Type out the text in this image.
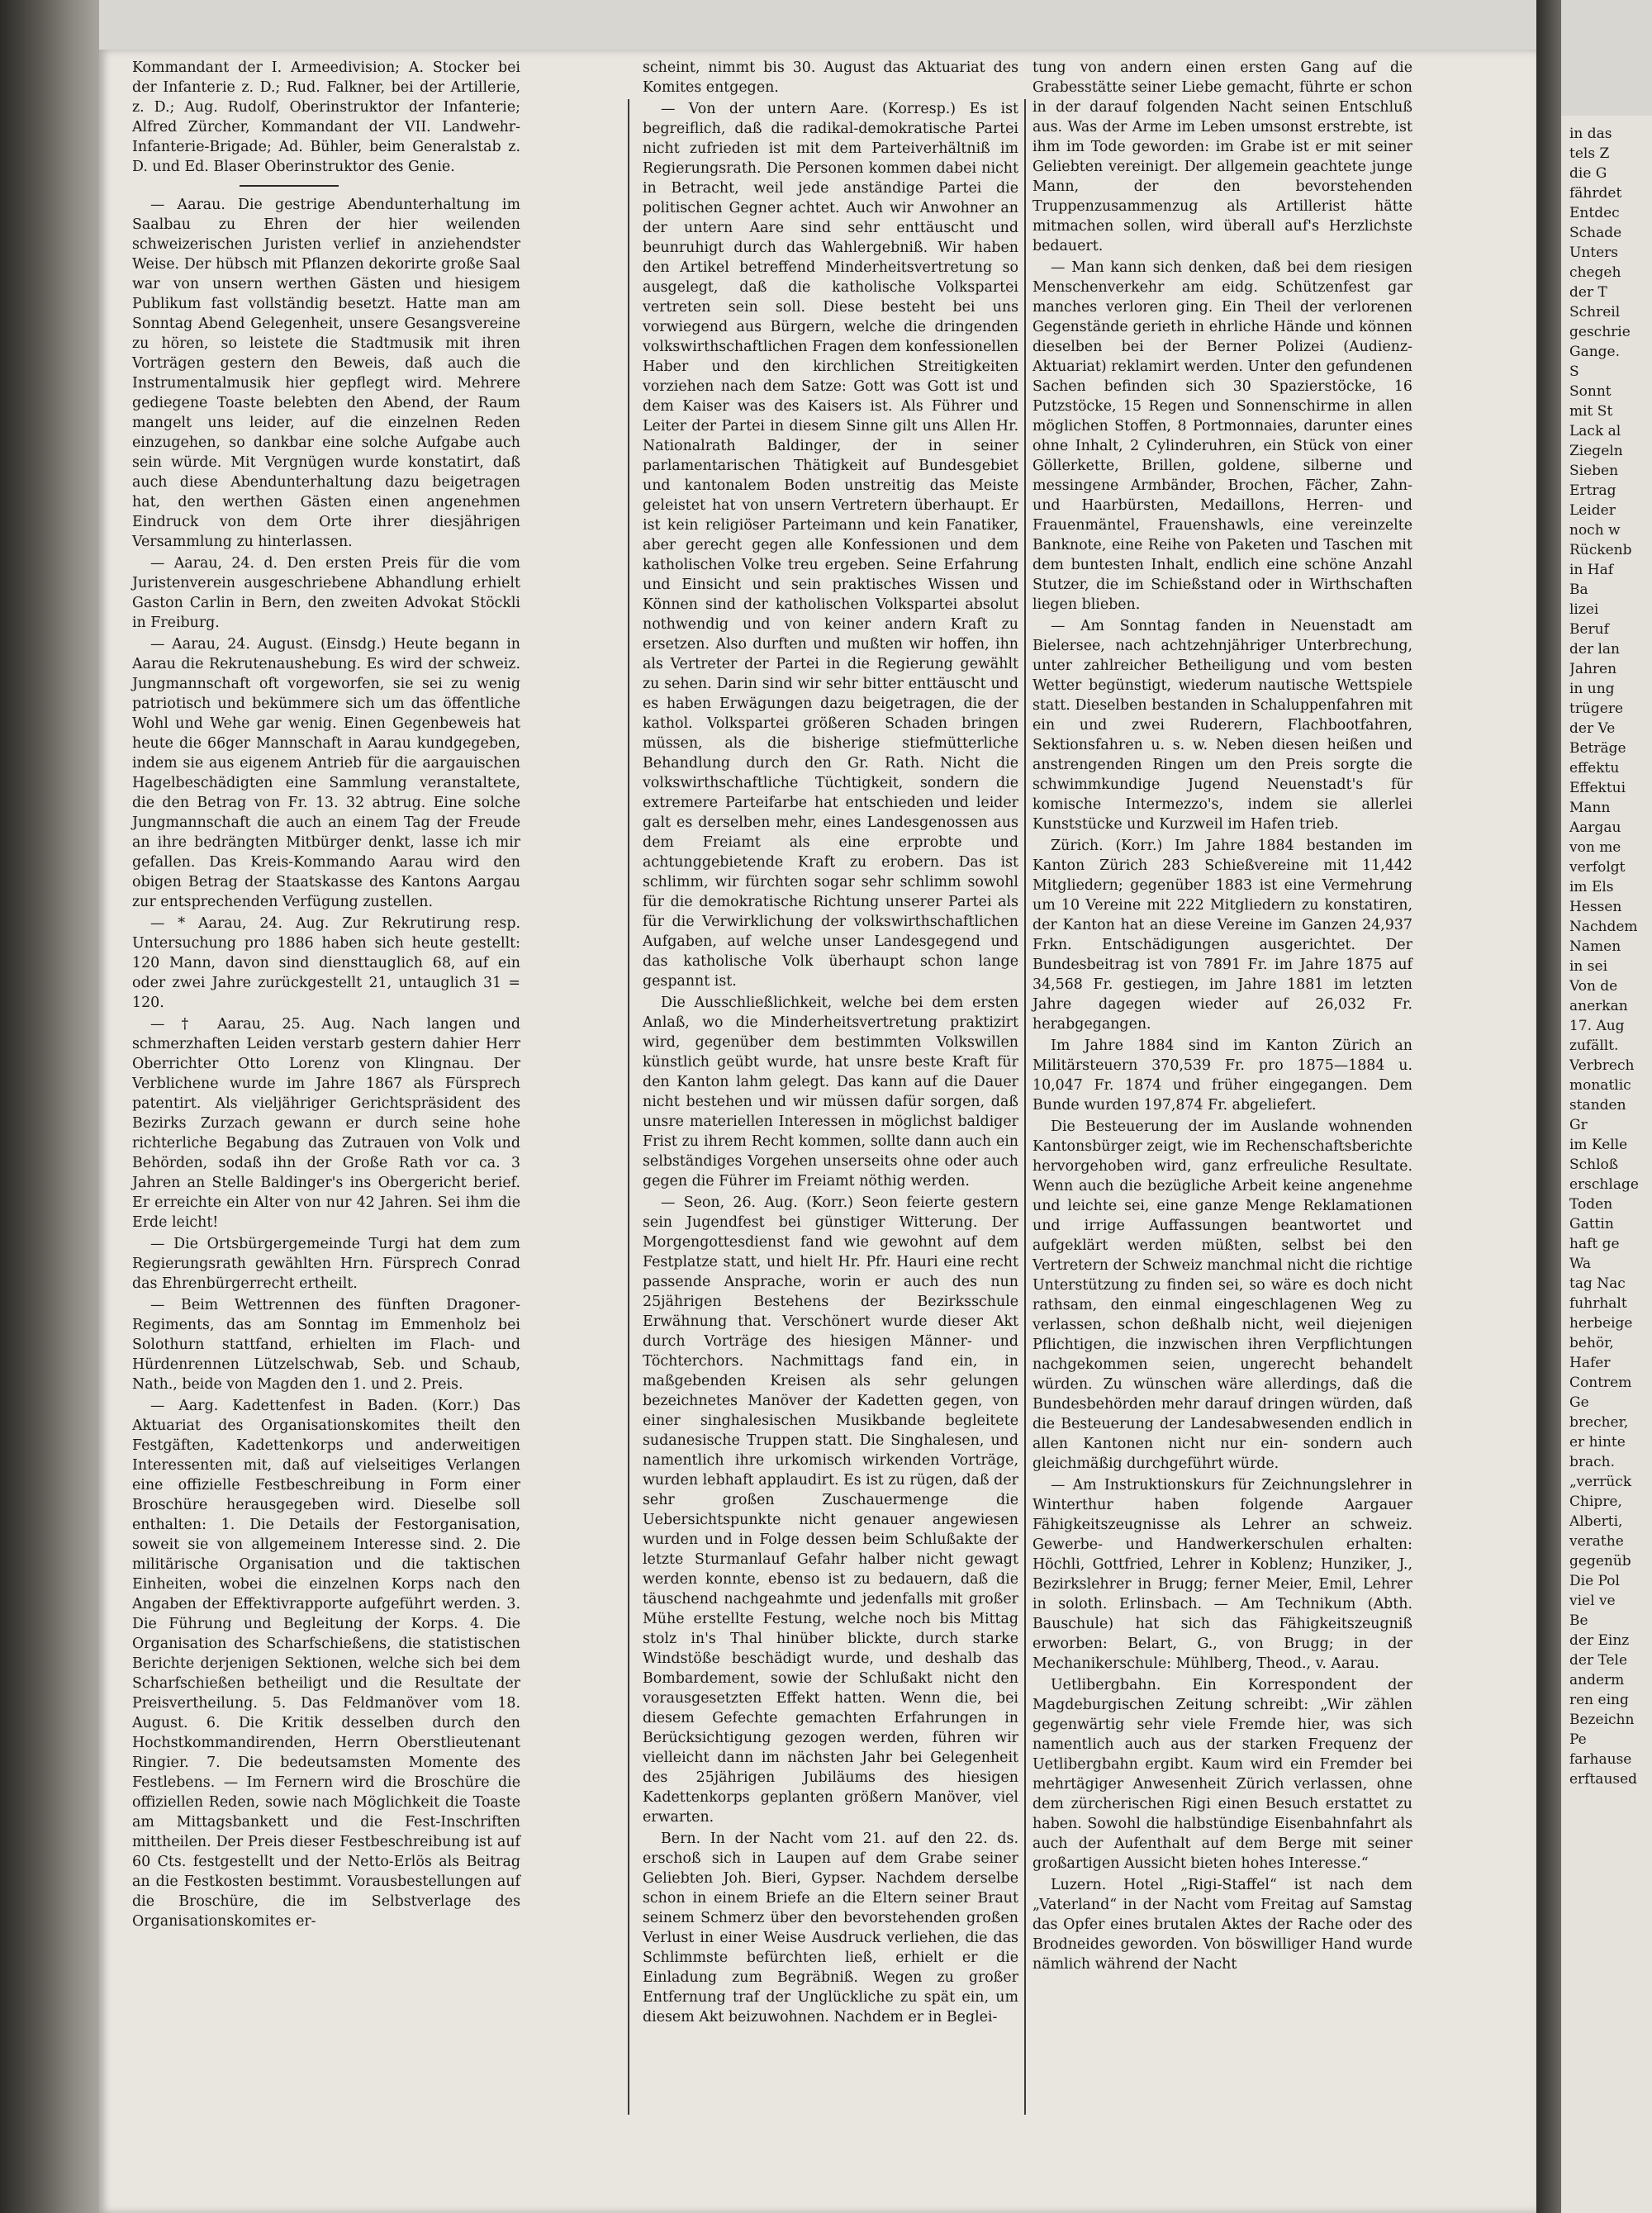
Kommandant der I. Armeedivision; A. Stocker bei der Infanterie z. D.; Rud. Falkner, bei der Artillerie, z. D.; Aug. Rudolf, Oberinstruktor der Infanterie; Alfred Zürcher, Kommandant der VII. Landwehr-Infanterie-Brigade; Ad. Bühler, beim Generalstab z. D. und Ed. Blaser Oberinstruktor des Genie.

— Aarau. Die gestrige Abendunterhaltung im Saalbau zu Ehren der hier weilenden schweizerischen Juristen verlief in anziehendster Weise. Der hübsch mit Pflanzen dekorirte große Saal war von unsern werthen Gästen und hiesigem Publikum fast vollständig besetzt. Hatte man am Sonntag Abend Gelegenheit, unsere Gesangsvereine zu hören, so leistete die Stadtmusik mit ihren Vorträgen gestern den Beweis, daß auch die Instrumentalmusik hier gepflegt wird. Mehrere gediegene Toaste belebten den Abend, der Raum mangelt uns leider, auf die einzelnen Reden einzugehen, so dankbar eine solche Aufgabe auch sein würde. Mit Vergnügen wurde konstatirt, daß auch diese Abendunterhaltung dazu beigetragen hat, den werthen Gästen einen angenehmen Eindruck von dem Orte ihrer diesjährigen Versammlung zu hinterlassen.

— Aarau, 24. d. Den ersten Preis für die vom Juristenverein ausgeschriebene Abhandlung erhielt Gaston Carlin in Bern, den zweiten Advokat Stöckli in Freiburg.

— Aarau, 24. August. (Einsdg.) Heute begann in Aarau die Rekrutenaushebung. Es wird der schweiz. Jungmannschaft oft vorgeworfen, sie sei zu wenig patriotisch und bekümmere sich um das öffentliche Wohl und Wehe gar wenig. Einen Gegenbeweis hat heute die 66ger Mannschaft in Aarau kundgegeben, indem sie aus eigenem Antrieb für die aargauischen Hagelbeschädigten eine Sammlung veranstaltete, die den Betrag von Fr. 13. 32 abtrug. Eine solche Jungmannschaft die auch an einem Tag der Freude an ihre bedrängten Mitbürger denkt, lasse ich mir gefallen. Das Kreis-Kommando Aarau wird den obigen Betrag der Staatskasse des Kantons Aargau zur entsprechenden Verfügung zustellen.

— * Aarau, 24. Aug. Zur Rekrutirung resp. Untersuchung pro 1886 haben sich heute gestellt: 120 Mann, davon sind diensttauglich 68, auf ein oder zwei Jahre zurückgestellt 21, untauglich 31 = 120.

— † Aarau, 25. Aug. Nach langen und schmerzhaften Leiden verstarb gestern dahier Herr Oberrichter Otto Lorenz von Klingnau. Der Verblichene wurde im Jahre 1867 als Fürsprech patentirt. Als vieljähriger Gerichtspräsident des Bezirks Zurzach gewann er durch seine hohe richterliche Begabung das Zutrauen von Volk und Behörden, sodaß ihn der Große Rath vor ca. 3 Jahren an Stelle Baldinger's ins Obergericht berief. Er erreichte ein Alter von nur 42 Jahren. Sei ihm die Erde leicht!

— Die Ortsbürgergemeinde Turgi hat dem zum Regierungsrath gewählten Hrn. Fürsprech Conrad das Ehrenbürgerrecht ertheilt.

— Beim Wettrennen des fünften Dragoner-Regiments, das am Sonntag im Emmenholz bei Solothurn stattfand, erhielten im Flach- und Hürdenrennen Lützelschwab, Seb. und Schaub, Nath., beide von Magden den 1. und 2. Preis.

— Aarg. Kadettenfest in Baden. (Korr.) Das Aktuariat des Organisationskomites theilt den Festgäften, Kadettenkorps und anderweitigen Interessenten mit, daß auf vielseitiges Verlangen eine offizielle Festbeschreibung in Form einer Broschüre herausgegeben wird. Dieselbe soll enthalten: 1. Die Details der Festorganisation, soweit sie von allgemeinem Interesse sind. 2. Die militärische Organisation und die taktischen Einheiten, wobei die einzelnen Korps nach den Angaben der Effektivrapporte aufgeführt werden. 3. Die Führung und Begleitung der Korps. 4. Die Organisation des Scharfschießens, die statistischen Berichte derjenigen Sektionen, welche sich bei dem Scharfschießen betheiligt und die Resultate der Preisvertheilung. 5. Das Feldmanöver vom 18. August. 6. Die Kritik desselben durch den Hochstkommandirenden, Herrn Oberstlieutenant Ringier. 7. Die bedeutsamsten Momente des Festlebens. — Im Fernern wird die Broschüre die offiziellen Reden, sowie nach Möglichkeit die Toaste am Mittagsbankett und die Fest-Inschriften mittheilen. Der Preis dieser Festbeschreibung ist auf 60 Cts. festgestellt und der Netto-Erlös als Beitrag an die Festkosten bestimmt. Vorausbestellungen auf die Broschüre, die im Selbstverlage des Organisationskomites er-

scheint, nimmt bis 30. August das Aktuariat des Komites entgegen.

— Von der untern Aare. (Korresp.) Es ist begreiflich, daß die radikal-demokratische Partei nicht zufrieden ist mit dem Parteiverhältniß im Regierungsrath. Die Personen kommen dabei nicht in Betracht, weil jede anständige Partei die politischen Gegner achtet. Auch wir Anwohner an der untern Aare sind sehr enttäuscht und beunruhigt durch das Wahlergebniß. Wir haben den Artikel betreffend Minderheitsvertretung so ausgelegt, daß die katholische Volkspartei vertreten sein soll. Diese besteht bei uns vorwiegend aus Bürgern, welche die dringenden volkswirthschaftlichen Fragen dem konfessionellen Haber und den kirchlichen Streitigkeiten vorziehen nach dem Satze: Gott was Gott ist und dem Kaiser was des Kaisers ist. Als Führer und Leiter der Partei in diesem Sinne gilt uns Allen Hr. Nationalrath Baldinger, der in seiner parlamentarischen Thätigkeit auf Bundesgebiet und kantonalem Boden unstreitig das Meiste geleistet hat von unsern Vertretern überhaupt. Er ist kein religiöser Parteimann und kein Fanatiker, aber gerecht gegen alle Konfessionen und dem katholischen Volke treu ergeben. Seine Erfahrung und Einsicht und sein praktisches Wissen und Können sind der katholischen Volkspartei absolut nothwendig und von keiner andern Kraft zu ersetzen. Also durften und mußten wir hoffen, ihn als Vertreter der Partei in die Regierung gewählt zu sehen. Darin sind wir sehr bitter enttäuscht und es haben Erwägungen dazu beigetragen, die der kathol. Volkspartei größeren Schaden bringen müssen, als die bisherige stiefmütterliche Behandlung durch den Gr. Rath. Nicht die volkswirthschaftliche Tüchtigkeit, sondern die extremere Parteifarbe hat entschieden und leider galt es derselben mehr, eines Landesgenossen aus dem Freiamt als eine erprobte und achtunggebietende Kraft zu erobern. Das ist schlimm, wir fürchten sogar sehr schlimm sowohl für die demokratische Richtung unserer Partei als für die Verwirklichung der volkswirthschaftlichen Aufgaben, auf welche unser Landesgegend und das katholische Volk überhaupt schon lange gespannt ist.

Die Ausschließlichkeit, welche bei dem ersten Anlaß, wo die Minderheitsvertretung praktizirt wird, gegenüber dem bestimmten Volkswillen künstlich geübt wurde, hat unsre beste Kraft für den Kanton lahm gelegt. Das kann auf die Dauer nicht bestehen und wir müssen dafür sorgen, daß unsre materiellen Interessen in möglichst baldiger Frist zu ihrem Recht kommen, sollte dann auch ein selbständiges Vorgehen unserseits ohne oder auch gegen die Führer im Freiamt nöthig werden.

— Seon, 26. Aug. (Korr.) Seon feierte gestern sein Jugendfest bei günstiger Witterung. Der Morgengottesdienst fand wie gewohnt auf dem Festplatze statt, und hielt Hr. Pfr. Hauri eine recht passende Ansprache, worin er auch des nun 25jährigen Bestehens der Bezirksschule Erwähnung that. Verschönert wurde dieser Akt durch Vorträge des hiesigen Männer- und Töchterchors. Nachmittags fand ein, in maßgebenden Kreisen als sehr gelungen bezeichnetes Manöver der Kadetten gegen, von einer singhalesischen Musikbande begleitete sudanesische Truppen statt. Die Singhalesen, und namentlich ihre urkomisch wirkenden Vorträge, wurden lebhaft applaudirt. Es ist zu rügen, daß der sehr großen Zuschauermenge die Uebersichtspunkte nicht genauer angewiesen wurden und in Folge dessen beim Schlußakte der letzte Sturmanlauf Gefahr halber nicht gewagt werden konnte, ebenso ist zu bedauern, daß die täuschend nachgeahmte und jedenfalls mit großer Mühe erstellte Festung, welche noch bis Mittag stolz in's Thal hinüber blickte, durch starke Windstöße beschädigt wurde, und deshalb das Bombardement, sowie der Schlußakt nicht den vorausgesetzten Effekt hatten. Wenn die, bei diesem Gefechte gemachten Erfahrungen in Berücksichtigung gezogen werden, führen wir vielleicht dann im nächsten Jahr bei Gelegenheit des 25jährigen Jubiläums des hiesigen Kadettenkorps geplanten größern Manöver, viel erwarten.

Bern. In der Nacht vom 21. auf den 22. ds. erschoß sich in Laupen auf dem Grabe seiner Geliebten Joh. Bieri, Gypser. Nachdem derselbe schon in einem Briefe an die Eltern seiner Braut seinem Schmerz über den bevorstehenden großen Verlust in einer Weise Ausdruck verliehen, die das Schlimmste befürchten ließ, erhielt er die Einladung zum Begräbniß. Wegen zu großer Entfernung traf der Unglückliche zu spät ein, um diesem Akt beizuwohnen. Nachdem er in Beglei-

tung von andern einen ersten Gang auf die Grabesstätte seiner Liebe gemacht, führte er schon in der darauf folgenden Nacht seinen Entschluß aus. Was der Arme im Leben umsonst erstrebte, ist ihm im Tode geworden: im Grabe ist er mit seiner Geliebten vereinigt. Der allgemein geachtete junge Mann, der den bevorstehenden Truppenzusammenzug als Artillerist hätte mitmachen sollen, wird überall auf's Herzlichste bedauert.

— Man kann sich denken, daß bei dem riesigen Menschenverkehr am eidg. Schützenfest gar manches verloren ging. Ein Theil der verlorenen Gegenstände gerieth in ehrliche Hände und können dieselben bei der Berner Polizei (Audienz-Aktuariat) reklamirt werden. Unter den gefundenen Sachen befinden sich 30 Spazierstöcke, 16 Putzstöcke, 15 Regen und Sonnenschirme in allen möglichen Stoffen, 8 Portmonnaies, darunter eines ohne Inhalt, 2 Cylinderuhren, ein Stück von einer Göllerkette, Brillen, goldene, silberne und messingene Armbänder, Brochen, Fächer, Zahn- und Haarbürsten, Medaillons, Herren- und Frauenmäntel, Frauenshawls, eine vereinzelte Banknote, eine Reihe von Paketen und Taschen mit dem buntesten Inhalt, endlich eine schöne Anzahl Stutzer, die im Schießstand oder in Wirthschaften liegen blieben.

— Am Sonntag fanden in Neuenstadt am Bielersee, nach achtzehnjähriger Unterbrechung, unter zahlreicher Betheiligung und vom besten Wetter begünstigt, wiederum nautische Wettspiele statt. Dieselben bestanden in Schaluppenfahren mit ein und zwei Ruderern, Flachbootfahren, Sektionsfahren u. s. w. Neben diesen heißen und anstrengenden Ringen um den Preis sorgte die schwimmkundige Jugend Neuenstadt's für komische Intermezzo's, indem sie allerlei Kunststücke und Kurzweil im Hafen trieb.

Zürich. (Korr.) Im Jahre 1884 bestanden im Kanton Zürich 283 Schießvereine mit 11,442 Mitgliedern; gegenüber 1883 ist eine Vermehrung um 10 Vereine mit 222 Mitgliedern zu konstatiren, der Kanton hat an diese Vereine im Ganzen 24,937 Frkn. Entschädigungen ausgerichtet. Der Bundesbeitrag ist von 7891 Fr. im Jahre 1875 auf 34,568 Fr. gestiegen, im Jahre 1881 im letzten Jahre dagegen wieder auf 26,032 Fr. herabgegangen.

Im Jahre 1884 sind im Kanton Zürich an Militärsteuern 370,539 Fr. pro 1875—1884 u. 10,047 Fr. 1874 und früher eingegangen. Dem Bunde wurden 197,874 Fr. abgeliefert.

Die Besteuerung der im Auslande wohnenden Kantonsbürger zeigt, wie im Rechenschaftsberichte hervorgehoben wird, ganz erfreuliche Resultate. Wenn auch die bezügliche Arbeit keine angenehme und leichte sei, eine ganze Menge Reklamationen und irrige Auffassungen beantwortet und aufgeklärt werden müßten, selbst bei den Vertretern der Schweiz manchmal nicht die richtige Unterstützung zu finden sei, so wäre es doch nicht rathsam, den einmal eingeschlagenen Weg zu verlassen, schon deßhalb nicht, weil diejenigen Pflichtigen, die inzwischen ihren Verpflichtungen nachgekommen seien, ungerecht behandelt würden. Zu wünschen wäre allerdings, daß die Bundesbehörden mehr darauf dringen würden, daß die Besteuerung der Landesabwesenden endlich in allen Kantonen nicht nur ein- sondern auch gleichmäßig durchgeführt würde.

— Am Instruktionskurs für Zeichnungslehrer in Winterthur haben folgende Aargauer Fähigkeitszeugnisse als Lehrer an schweiz. Gewerbe- und Handwerkerschulen erhalten: Höchli, Gottfried, Lehrer in Koblenz; Hunziker, J., Bezirkslehrer in Brugg; ferner Meier, Emil, Lehrer in soloth. Erlinsbach. — Am Technikum (Abth. Bauschule) hat sich das Fähigkeitszeugniß erworben: Belart, G., von Brugg; in der Mechanikerschule: Mühlberg, Theod., v. Aarau.

Uetlibergbahn. Ein Korrespondent der Magdeburgischen Zeitung schreibt: „Wir zählen gegenwärtig sehr viele Fremde hier, was sich namentlich auch aus der starken Frequenz der Uetlibergbahn ergibt. Kaum wird ein Fremder bei mehrtägiger Anwesenheit Zürich verlassen, ohne dem zürcherischen Rigi einen Besuch erstattet zu haben. Sowohl die halbstündige Eisenbahnfahrt als auch der Aufenthalt auf dem Berge mit seiner großartigen Aussicht bieten hohes Interesse.“

Luzern. Hotel „Rigi-Staffel“ ist nach dem „Vaterland“ in der Nacht vom Freitag auf Samstag das Opfer eines brutalen Aktes der Rache oder des Brodneides geworden. Von böswilliger Hand wurde nämlich während der Nacht

in das
tels Z
die G
fährdet
Entdec
Schade
Unters
chegeh
der T
Schreil
geschrie
Gange.
S
Sonnt
mit St
Lack al
Ziegeln
Sieben
Ertrag
Leider
noch w
Rückenb
in Haf
Ba
lizei
Beruf
der lan
Jahren
in ung
trügere
der Ve
Beträge
effektu
Effektui
Mann
Aargau
von me
verfolgt
im Els
Hessen
Nachdem
Namen
in sei
Von de
anerkan
17. Aug
zufällt.
Verbrech
monatlic
standen
Gr
im Kelle
Schloß
erschlage
Toden
Gattin
haft ge
Wa
tag Nac
fuhrhalt
herbeige
behör,
Hafer
Contrem
Ge
brecher,
er hinte
brach.
„verrück
Chipre,
Alberti,
verathe
gegenüb
Die Pol
viel ve
Be
der Einz
der Tele
anderm
ren eing
Bezeichn
Pe
farhause
erftaused
